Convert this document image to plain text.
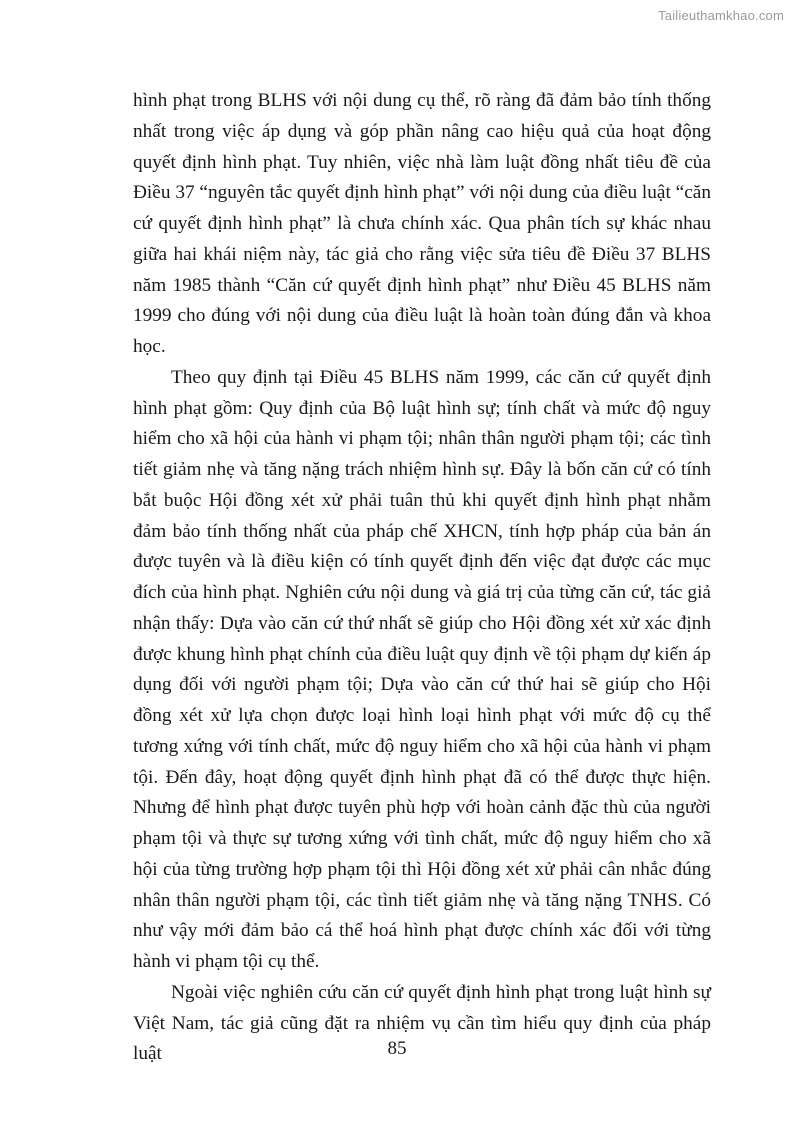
Tailieuthamkhao.com

hình phạt trong BLHS với nội dung cụ thể, rõ ràng đã đảm bảo tính thống nhất trong việc áp dụng và góp phần nâng cao hiệu quả của hoạt động quyết định hình phạt. Tuy nhiên, việc nhà làm luật đồng nhất tiêu đề của Điều 37 “nguyên tắc quyết định hình phạt” với nội dung của điều luật “căn cứ quyết định hình phạt” là chưa chính xác. Qua phân tích sự khác nhau giữa hai khái niệm này, tác giả cho rằng việc sửa tiêu đề Điều 37 BLHS năm 1985 thành “Căn cứ quyết định hình phạt” như Điều 45 BLHS năm 1999 cho đúng với nội dung của điều luật là hoàn toàn đúng đắn và khoa học.

Theo quy định tại Điều 45 BLHS năm 1999, các căn cứ quyết định hình phạt gồm: Quy định của Bộ luật hình sự; tính chất và mức độ nguy hiểm cho xã hội của hành vi phạm tội; nhân thân người phạm tội; các tình tiết giảm nhẹ và tăng nặng trách nhiệm hình sự. Đây là bốn căn cứ có tính bắt buộc Hội đồng xét xử phải tuân thủ khi quyết định hình phạt nhằm đảm bảo tính thống nhất của pháp chế XHCN, tính hợp pháp của bản án được tuyên và là điều kiện có tính quyết định đến việc đạt được các mục đích của hình phạt. Nghiên cứu nội dung và giá trị của từng căn cứ, tác giả nhận thấy: Dựa vào căn cứ thứ nhất sẽ giúp cho Hội đồng xét xử xác định được khung hình phạt chính của điều luật quy định về tội phạm dự kiến áp dụng đối với người phạm tội; Dựa vào căn cứ thứ hai sẽ giúp cho Hội đồng xét xử lựa chọn được loại hình loại hình phạt với mức độ cụ thể tương xứng với tính chất, mức độ nguy hiểm cho xã hội của hành vi phạm tội. Đến đây, hoạt động quyết định hình phạt đã có thể được thực hiện. Nhưng để hình phạt được tuyên phù hợp với hoàn cảnh đặc thù của người phạm tội và thực sự tương xứng với tình chất, mức độ nguy hiểm cho xã hội của từng trường hợp phạm tội thì Hội đồng xét xử phải cân nhắc đúng nhân thân người phạm tội, các tình tiết giảm nhẹ và tăng nặng TNHS. Có như vậy mới đảm bảo cá thể hoá hình phạt được chính xác đối với từng hành vi phạm tội cụ thể.

Ngoài việc nghiên cứu căn cứ quyết định hình phạt trong luật hình sự Việt Nam, tác giả cũng đặt ra nhiệm vụ cần tìm hiểu quy định của pháp luật	85
